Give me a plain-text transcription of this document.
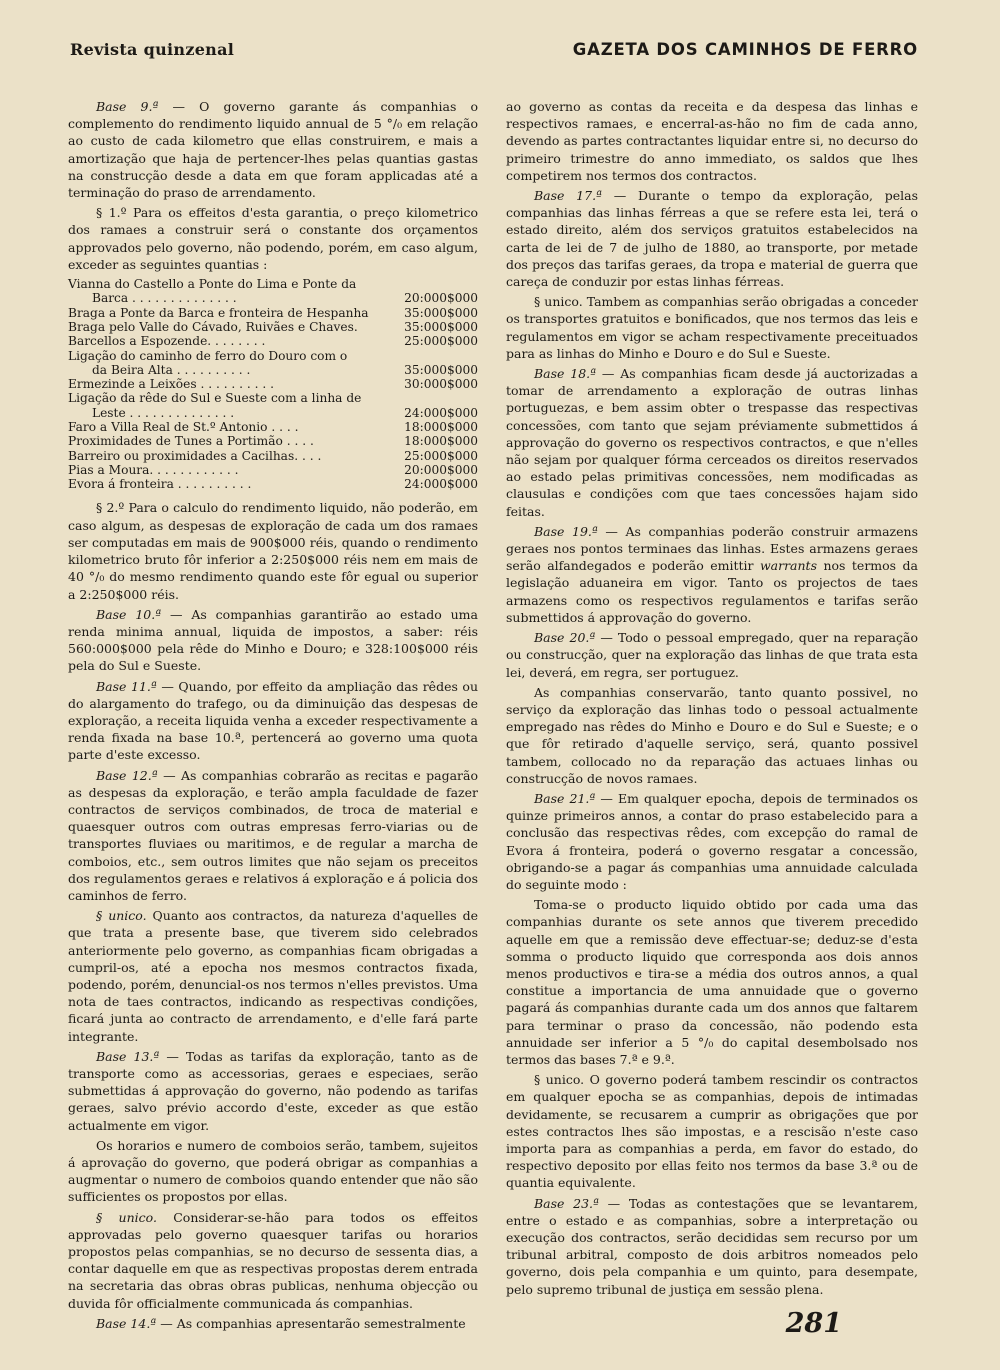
Revista quinzenal	GAZETA DOS CAMINHOS DE FERRO

Base 9.ª — O governo garante ás companhias o complemento do rendimento liquido annual de 5 °/₀ em relação ao custo de cada kilometro que ellas construirem, e mais a amortização que haja de pertencer-lhes pelas quantias gastas na construcção desde a data em que foram applicadas até a terminação do praso de arrendamento.

§ 1.º Para os effeitos d'esta garantia, o preço kilometrico dos ramaes a construir será o constante dos orçamentos approvados pelo governo, não podendo, porém, em caso algum, exceder as seguintes quantias :

Vianna do Castello a Ponte do Lima e Ponte da
Barca . . . . . . . . . . . . . .	20:000$000
Braga a Ponte da Barca e fronteira de Hespanha	35:000$000
Braga pelo Valle do Cávado, Ruivães e Chaves.	35:000$000
Barcellos a Espozende. . . . . . . .	25:000$000
Ligação do caminho de ferro do Douro com o
da Beira Alta . . . . . . . . . .	35:000$000
Ermezinde a Leixões . . . . . . . . . .	30:000$000
Ligação da rêde do Sul e Sueste com a linha de
Leste . . . . . . . . . . . . . .	24:000$000
Faro a Villa Real de St.º Antonio . . . .	18:000$000
Proximidades de Tunes a Portimão . . . .	18:000$000
Barreiro ou proximidades a Cacilhas. . . .	25:000$000
Pias a Moura. . . . . . . . . . . .	20:000$000
Evora á fronteira . . . . . . . . . .	24:000$000

§ 2.º Para o calculo do rendimento liquido, não poderão, em caso algum, as despesas de exploração de cada um dos ramaes ser computadas em mais de 900$000 réis, quando o rendimento kilometrico bruto fôr inferior a 2:250$000 réis nem em mais de 40 °/₀ do mesmo rendimento quando este fôr egual ou superior a 2:250$000 réis.

Base 10.ª — As companhias garantirão ao estado uma renda minima annual, liquida de impostos, a saber: réis 560:000$000 pela rêde do Minho e Douro; e 328:100$000 réis pela do Sul e Sueste.

Base 11.ª — Quando, por effeito da ampliação das rêdes ou do alargamento do trafego, ou da diminuição das despesas de exploração, a receita liquida venha a exceder respectivamente a renda fixada na base 10.ª, pertencerá ao governo uma quota parte d'este excesso.

Base 12.ª — As companhias cobrarão as recitas e pagarão as despesas da exploração, e terão ampla faculdade de fazer contractos de serviços combinados, de troca de material e quaesquer outros com outras empresas ferro-viarias ou de transportes fluviaes ou maritimos, e de regular a marcha de comboios, etc., sem outros limites que não sejam os preceitos dos regulamentos geraes e relativos á exploração e á policia dos caminhos de ferro.

§ unico. Quanto aos contractos, da natureza d'aquelles de que trata a presente base, que tiverem sido celebrados anteriormente pelo governo, as companhias ficam obrigadas a cumpril-os, até a epocha nos mesmos contractos fixada, podendo, porém, denuncial-os nos termos n'elles previstos. Uma nota de taes contractos, indicando as respectivas condições, ficará junta ao contracto de arrendamento, e d'elle fará parte integrante.

Base 13.ª — Todas as tarifas da exploração, tanto as de transporte como as accessorias, geraes e especiaes, serão submettidas á approvação do governo, não podendo as tarifas geraes, salvo prévio accordo d'este, exceder as que estão actualmente em vigor.

Os horarios e numero de comboios serão, tambem, sujeitos á aprovação do governo, que poderá obrigar as companhias a augmentar o numero de comboios quando entender que não são sufficientes os propostos por ellas.

§ unico. Considerar-se-hão para todos os effeitos approvadas pelo governo quaesquer tarifas ou horarios propostos pelas companhias, se no decurso de sessenta dias, a contar daquelle em que as respectivas propostas derem entrada na secretaria das obras obras publicas, nenhuma objecção ou duvida fôr officialmente communicada ás companhias.

Base 14.ª — As companhias apresentarão semestralmente

ao governo as contas da receita e da despesa das linhas e respectivos ramaes, e encerral-as-hão no fim de cada anno, devendo as partes contractantes liquidar entre si, no decurso do primeiro trimestre do anno immediato, os saldos que lhes competirem nos termos dos contractos.

Base 17.ª — Durante o tempo da exploração, pelas companhias das linhas férreas a que se refere esta lei, terá o estado direito, além dos serviços gratuitos estabelecidos na carta de lei de 7 de julho de 1880, ao transporte, por metade dos preços das tarifas geraes, da tropa e material de guerra que careça de conduzir por estas linhas férreas.

§ unico. Tambem as companhias serão obrigadas a conceder os transportes gratuitos e bonificados, que nos termos das leis e regulamentos em vigor se acham respectivamente preceituados para as linhas do Minho e Douro e do Sul e Sueste.

Base 18.ª — As companhias ficam desde já auctorizadas a tomar de arrendamento a exploração de outras linhas portuguezas, e bem assim obter o trespasse das respectivas concessões, com tanto que sejam préviamente submettidos á approvação do governo os respectivos contractos, e que n'elles não sejam por qualquer fórma cerceados os direitos reservados ao estado pelas primitivas concessões, nem modificadas as clausulas e condições com que taes concessões hajam sido feitas.

Base 19.ª — As companhias poderão construir armazens geraes nos pontos terminaes das linhas. Estes armazens geraes serão alfandegados e poderão emittir warrants nos termos da legislação aduaneira em vigor. Tanto os projectos de taes armazens como os respectivos regulamentos e tarifas serão submettidos á approvação do governo.

Base 20.ª — Todo o pessoal empregado, quer na reparação ou construcção, quer na exploração das linhas de que trata esta lei, deverá, em regra, ser portuguez.

As companhias conservarão, tanto quanto possivel, no serviço da exploração das linhas todo o pessoal actualmente empregado nas rêdes do Minho e Douro e do Sul e Sueste; e o que fôr retirado d'aquelle serviço, será, quanto possivel tambem, collocado no da reparação das actuaes linhas ou construcção de novos ramaes.

Base 21.ª — Em qualquer epocha, depois de terminados os quinze primeiros annos, a contar do praso estabelecido para a conclusão das respectivas rêdes, com excepção do ramal de Evora á fronteira, poderá o governo resgatar a concessão, obrigando-se a pagar ás companhias uma annuidade calculada do seguinte modo :

Toma-se o producto liquido obtido por cada uma das companhias durante os sete annos que tiverem precedido aquelle em que a remissão deve effectuar-se; deduz-se d'esta somma o producto liquido que corresponda aos dois annos menos productivos e tira-se a média dos outros annos, a qual constitue a importancia de uma annuidade que o governo pagará ás companhias durante cada um dos annos que faltarem para terminar o praso da concessão, não podendo esta annuidade ser inferior a 5 °/₀ do capital desembolsado nos termos das bases 7.ª e 9.ª.

§ unico. O governo poderá tambem rescindir os contractos em qualquer epocha se as companhias, depois de intimadas devidamente, se recusarem a cumprir as obrigações que por estes contractos lhes são impostas, e a rescisão n'este caso importa para as companhias a perda, em favor do estado, do respectivo deposito por ellas feito nos termos da base 3.ª ou de quantia equivalente.

Base 23.ª — Todas as contestações que se levantarem, entre o estado e as companhias, sobre a interpretação ou execução dos contractos, serão decididas sem recurso por um tribunal arbitral, composto de dois arbitros nomeados pelo governo, dois pela companhia e um quinto, para desempate, pelo supremo tribunal de justiça em sessão plena.

281
